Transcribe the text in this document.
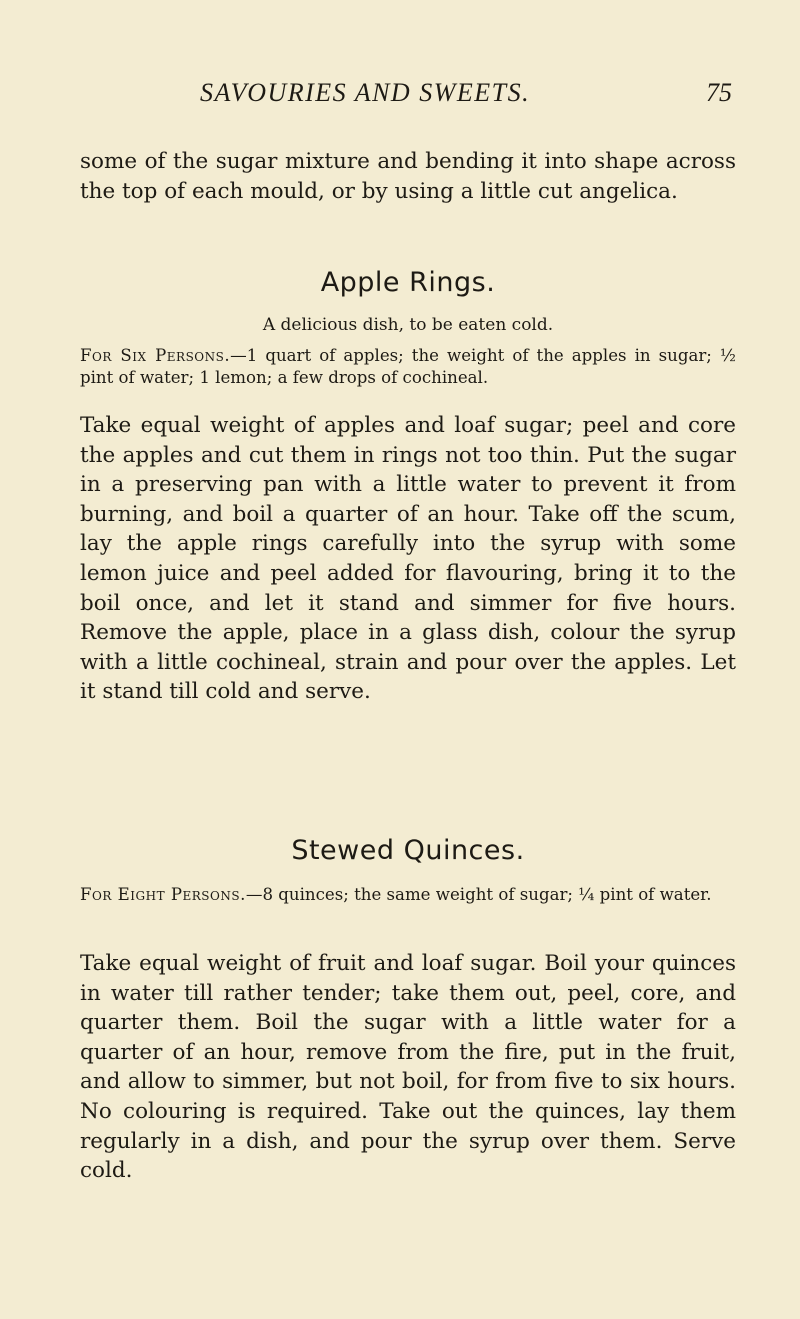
SAVOURIES AND SWEETS.	75

some of the sugar mixture and bending it into shape across the top of each mould, or by using a little cut angelica.

Apple Rings.

A delicious dish, to be eaten cold.

For Six Persons.—1 quart of apples; the weight of the apples in sugar; ½ pint of water; 1 lemon; a few drops of cochineal.

Take equal weight of apples and loaf sugar; peel and core the apples and cut them in rings not too thin. Put the sugar in a preserving pan with a little water to prevent it from burning, and boil a quarter of an hour. Take off the scum, lay the apple rings carefully into the syrup with some lemon juice and peel added for flavouring, bring it to the boil once, and let it stand and simmer for five hours. Remove the apple, place in a glass dish, colour the syrup with a little cochineal, strain and pour over the apples. Let it stand till cold and serve.

Stewed Quinces.

For Eight Persons.—8 quinces; the same weight of sugar; ¼ pint of water.

Take equal weight of fruit and loaf sugar. Boil your quinces in water till rather tender; take them out, peel, core, and quarter them. Boil the sugar with a little water for a quarter of an hour, remove from the fire, put in the fruit, and allow to simmer, but not boil, for from five to six hours. No colouring is required. Take out the quinces, lay them regularly in a dish, and pour the syrup over them. Serve cold.
